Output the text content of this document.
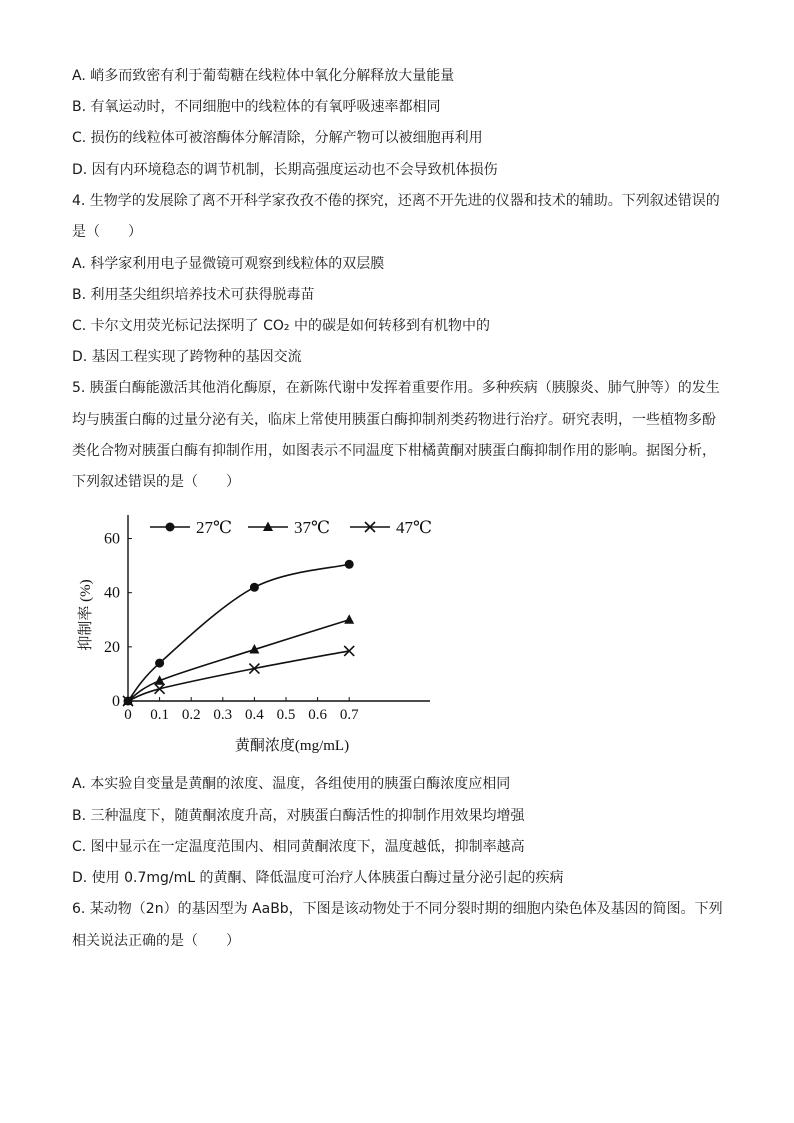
A. 峭多而致密有利于葡萄糖在线粒体中氧化分解释放大量能量
B. 有氧运动时，不同细胞中的线粒体的有氧呼吸速率都相同
C. 损伤的线粒体可被溶酶体分解清除，分解产物可以被细胞再利用
D. 因有内环境稳态的调节机制，长期高强度运动也不会导致机体损伤
4. 生物学的发展除了离不开科学家孜孜不倦的探究，还离不开先进的仪器和技术的辅助。下列叙述错误的
是（　　）
A. 科学家利用电子显微镜可观察到线粒体的双层膜
B. 利用茎尖组织培养技术可获得脱毒苗
C. 卡尔文用荧光标记法探明了 CO₂ 中的碳是如何转移到有机物中的
D. 基因工程实现了跨物种的基因交流
5. 胰蛋白酶能激活其他消化酶原，在新陈代谢中发挥着重要作用。多种疾病（胰腺炎、肺气肿等）的发生
均与胰蛋白酶的过量分泌有关，临床上常使用胰蛋白酶抑制剂类药物进行治疗。研究表明，一些植物多酚
类化合物对胰蛋白酶有抑制作用，如图表示不同温度下柑橘黄酮对胰蛋白酶抑制作用的影响。据图分析，
下列叙述错误的是（　　）
A. 本实验自变量是黄酮的浓度、温度，各组使用的胰蛋白酶浓度应相同
B. 三种温度下，随黄酮浓度升高，对胰蛋白酶活性的抑制作用效果均增强
C. 图中显示在一定温度范围内、相同黄酮浓度下，温度越低，抑制率越高
D. 使用 0.7mg/mL 的黄酮、降低温度可治疗人体胰蛋白酶过量分泌引起的疾病
6. 某动物（2n）的基因型为 AaBb，下图是该动物处于不同分裂时期的细胞内染色体及基因的简图。下列
相关说法正确的是（　　）
0 0.1 0.2 0.3 0.4 0.5 0.6 0.7
0
20
40
60
27℃	37℃	47℃
黄酮浓度(mg/mL)
抑制率 (%)
